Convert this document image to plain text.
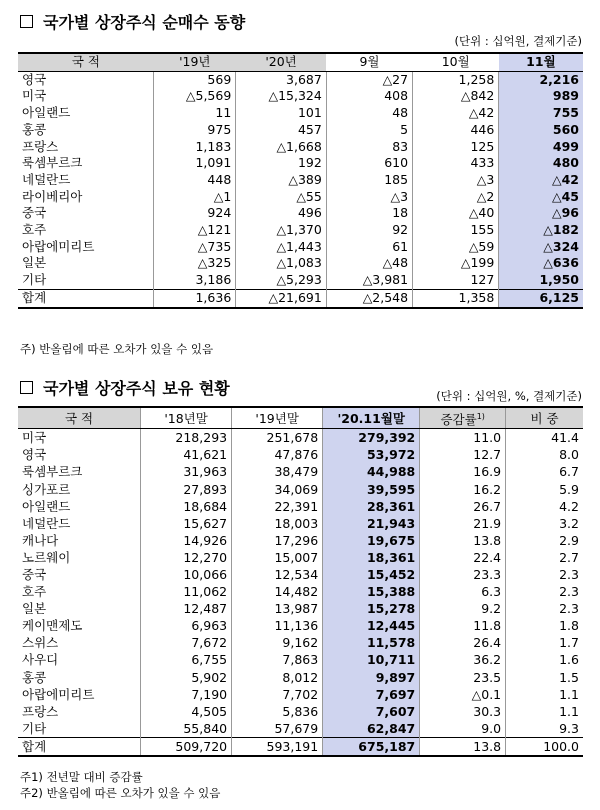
국가별 상장주식 순매수 동향
(단위 : 십억원, 결제기준)
국 적	'19년	'20년	9월	10월	11월
영국	569	3,687	△27	1,258	2,216
미국	△5,569	△15,324	408	△842	989
아일랜드	11	101	48	△42	755
홍콩	975	457	5	446	560
프랑스	1,183	△1,668	83	125	499
룩셈부르크	1,091	192	610	433	480
네덜란드	448	△389	185	△3	△42
라이베리아	△1	△55	△3	△2	△45
중국	924	496	18	△40	△96
호주	△121	△1,370	92	155	△182
아랍에미리트	△735	△1,443	61	△59	△324
일본	△325	△1,083	△48	△199	△636
기타	3,186	△5,293	△3,981	127	1,950
합계	1,636	△21,691	△2,548	1,358	6,125
주) 반올림에 따른 오차가 있을 수 있음
국가별 상장주식 보유 현황	(단위 : 십억원, %, 결제기준)
국 적	'18년말	'19년말	'20.11월말	증감률$^{1)}$	비 중
미국	218,293	251,678	279,392	11.0	41.4
영국	41,621	47,876	53,972	12.7	8.0
룩셈부르크	31,963	38,479	44,988	16.9	6.7
싱가포르	27,893	34,069	39,595	16.2	5.9
아일랜드	18,684	22,391	28,361	26.7	4.2
네덜란드	15,627	18,003	21,943	21.9	3.2
캐나다	14,926	17,296	19,675	13.8	2.9
노르웨이	12,270	15,007	18,361	22.4	2.7
중국	10,066	12,534	15,452	23.3	2.3
호주	11,062	14,482	15,388	6.3	2.3
일본	12,487	13,987	15,278	9.2	2.3
케이맨제도	6,963	11,136	12,445	11.8	1.8
스위스	7,672	9,162	11,578	26.4	1.7
사우디	6,755	7,863	10,711	36.2	1.6
홍콩	5,902	8,012	9,897	23.5	1.5
아랍에미리트	7,190	7,702	7,697	△0.1	1.1
프랑스	4,505	5,836	7,607	30.3	1.1
기타	55,840	57,679	62,847	9.0	9.3
합계	509,720	593,191	675,187	13.8	100.0
주1) 전년말 대비 증감률
주2) 반올림에 따른 오차가 있을 수 있음
